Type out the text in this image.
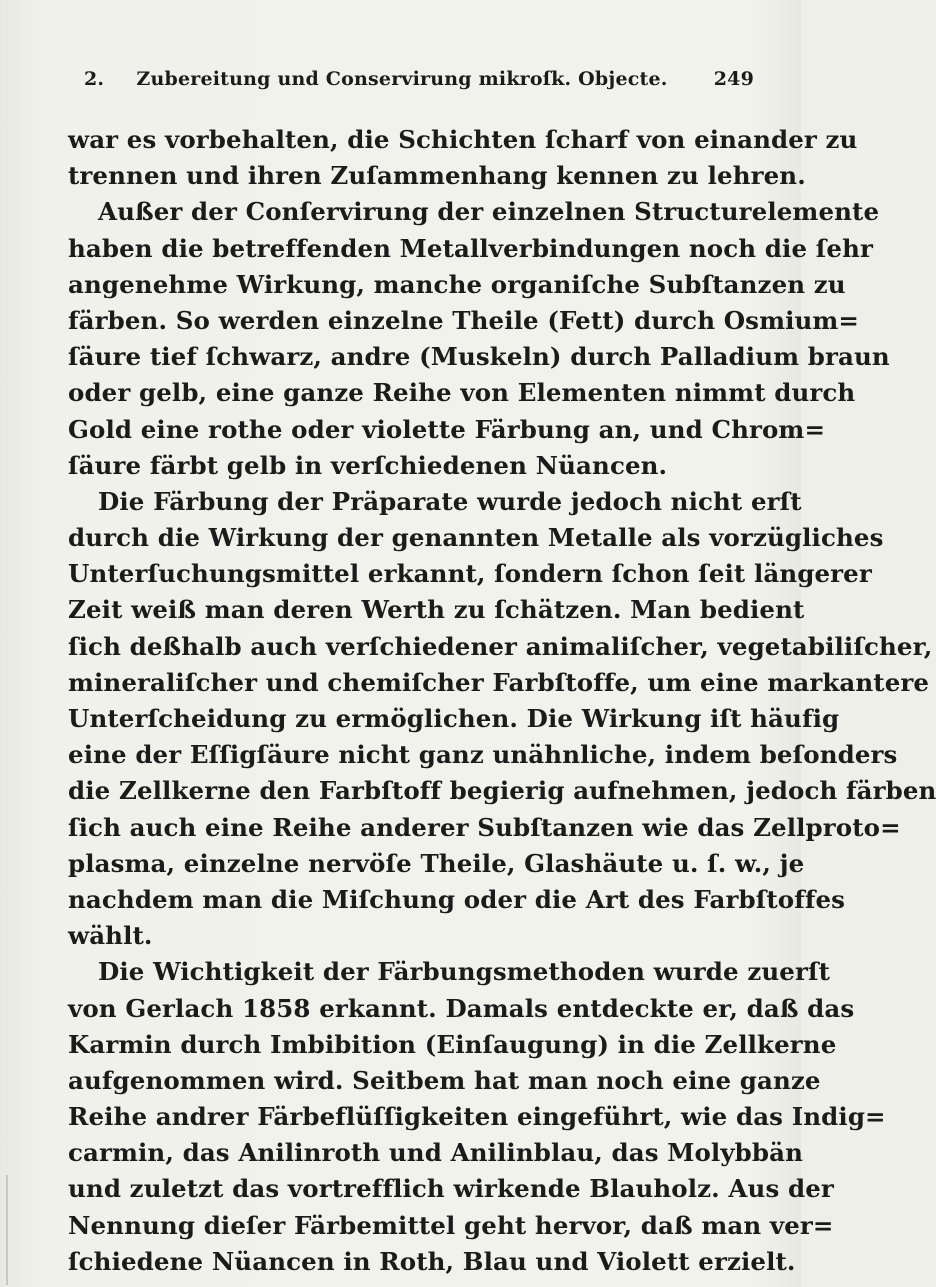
2.	Zubereitung und Conservirung mikroſk. Objecte.	249
war es vorbehalten, die Schichten ſcharf von einander zu
trennen und ihren Zuſammenhang kennen zu lehren.
Außer der Conſervirung der einzelnen Structurelemente
haben die betreffenden Metallverbindungen noch die ſehr
angenehme Wirkung, manche organiſche Subſtanzen zu
färben. So werden einzelne Theile (Fett) durch Osmium=
ſäure tief ſchwarz, andre (Muskeln) durch Palladium braun
oder gelb, eine ganze Reihe von Elementen nimmt durch
Gold eine rothe oder violette Färbung an, und Chrom=
ſäure färbt gelb in verſchiedenen Nüancen.
Die Färbung der Präparate wurde jedoch nicht erſt
durch die Wirkung der genannten Metalle als vorzügliches
Unterſuchungsmittel erkannt, ſondern ſchon ſeit längerer
Zeit weiß man deren Werth zu ſchätzen. Man bedient
ſich deßhalb auch verſchiedener animaliſcher, vegetabiliſcher,
mineraliſcher und chemiſcher Farbſtoffe, um eine markantere
Unterſcheidung zu ermöglichen. Die Wirkung iſt häufig
eine der Eſſigſäure nicht ganz unähnliche, indem beſonders
die Zellkerne den Farbſtoff begierig aufnehmen, jedoch färben
ſich auch eine Reihe anderer Subſtanzen wie das Zellproto=
plasma, einzelne nervöſe Theile, Glashäute u. ſ. w., je
nachdem man die Miſchung oder die Art des Farbſtoffes
wählt.
Die Wichtigkeit der Färbungsmethoden wurde zuerſt
von Gerlach 1858 erkannt. Damals entdeckte er, daß das
Karmin durch Imbibition (Einſaugung) in die Zellkerne
aufgenommen wird. Seitbem hat man noch eine ganze
Reihe andrer Färbeflüſſigkeiten eingeführt, wie das Indig=
carmin, das Anilinroth und Anilinblau, das Molybbän
und zuletzt das vortrefflich wirkende Blauholz. Aus der
Nennung dieſer Färbemittel geht hervor, daß man ver=
ſchiedene Nüancen in Roth, Blau und Violett erzielt.
